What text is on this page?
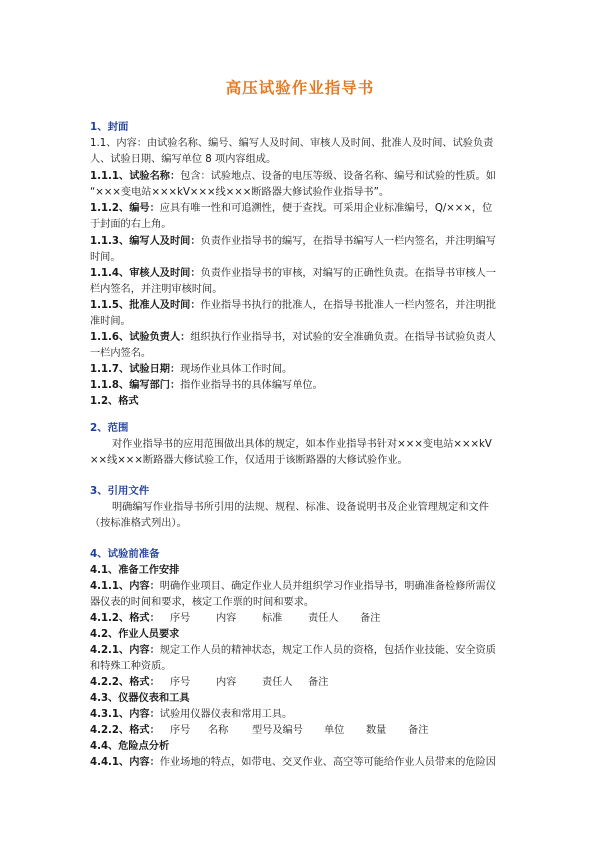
高压试验作业指导书
1、封面
1.1、内容：由试验名称、编号、编写人及时间、审核人及时间、批准人及时间、试验负责
人、试验日期、编写单位 8 项内容组成。
1.1.1、试验名称：包含：试验地点、设备的电压等级、设备名称、编号和试验的性质。如
“×××变电站×××kV×××线×××断路器大修试验作业指导书”。
1.1.2、编号：应具有唯一性和可追溯性，便于查找。可采用企业标准编号，Q/×××，位
于封面的右上角。
1.1.3、编写人及时间：负责作业指导书的编写，在指导书编写人一栏内签名，并注明编写
时间。
1.1.4、审核人及时间：负责作业指导书的审核，对编写的正确性负责。在指导书审核人一
栏内签名，并注明审核时间。
1.1.5、批准人及时间：作业指导书执行的批准人，在指导书批准人一栏内签名，并注明批
准时间。
1.1.6、试验负责人：组织执行作业指导书，对试验的安全准确负责。在指导书试验负责人
一栏内签名。
1.1.7、试验日期：现场作业具体工作时间。
1.1.8、编写部门：指作业指导书的具体编写单位。
1.2、格式
2、范围
对作业指导书的应用范围做出具体的规定，如本作业指导书针对×××变电站×××kV
××线×××断路器大修试验工作，仅适用于该断路器的大修试验作业。
3、引用文件
明确编写作业指导书所引用的法规、规程、标准、设备说明书及企业管理规定和文件
（按标准格式列出）。
4、试验前准备
4.1、准备工作安排
4.1.1、内容：明确作业项目、确定作业人员并组织学习作业指导书，明确准备检修所需仪
器仪表的时间和要求，核定工作票的时间和要求。
4.1.2、格式： 序号	内容	标准	责任人 备注
4.2、作业人员要求
4.2.1、内容：规定工作人员的精神状态，规定工作人员的资格，包括作业技能、安全资质
和特殊工种资质。
4.2.2、格式： 序号	内容	责任人 备注
4.3、仪器仪表和工具
4.3.1、内容：试验用仪器仪表和常用工具。
4.2.2、格式： 序号 名称 型号及编号 单位 数量 备注
4.4、危险点分析
4.4.1、内容：作业场地的特点，如带电、交叉作业、高空等可能给作业人员带来的危险因
